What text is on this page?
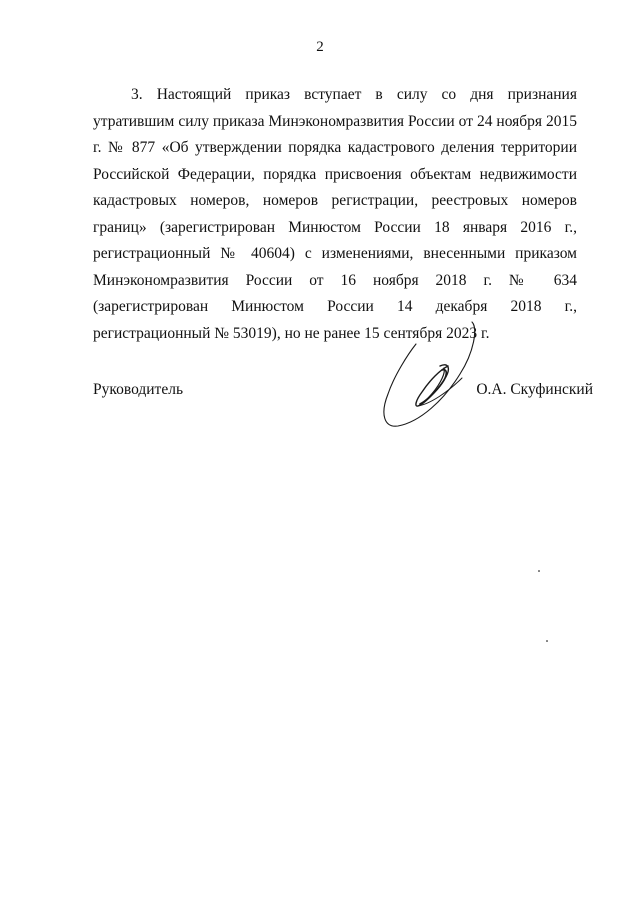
2

3. Настоящий приказ вступает в силу со дня признания утратившим силу приказа Минэкономразвития России от 24 ноября 2015 г. № 877 «Об утверждении порядка кадастрового деления территории Российской Федерации, порядка присвоения объектам недвижимости кадастровых номеров, номеров регистрации, реестровых номеров границ» (зарегистрирован Минюстом России 18 января 2016 г., регистрационный № 40604) с изменениями, внесенными приказом Минэкономразвития России от 16 ноября 2018 г. № 634 (зарегистрирован Минюстом России 14 декабря 2018 г., регистрационный № 53019), но не ранее 15 сентября 2023 г.

Руководитель	О.А. Скуфинский
